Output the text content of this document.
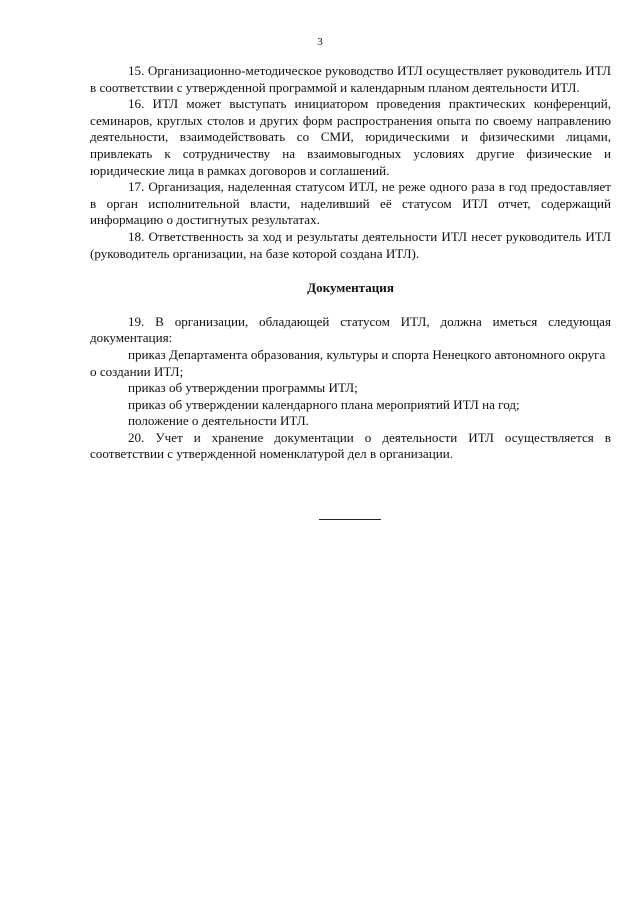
3

15. Организационно-методическое руководство ИТЛ осуществляет руководитель ИТЛ в соответствии с утвержденной программой и календарным планом деятельности ИТЛ.

16. ИТЛ может выступать инициатором проведения практических конференций, семинаров, круглых столов и других форм распространения опыта по своему направлению деятельности, взаимодействовать со СМИ, юридическими и физическими лицами, привлекать к сотрудничеству на взаимовыгодных условиях другие физические и юридические лица в рамках договоров и соглашений.

17. Организация, наделенная статусом ИТЛ, не реже одного раза в год предоставляет в орган исполнительной власти, наделивший её статусом ИТЛ отчет, содержащий информацию о достигнутых результатах.

18. Ответственность за ход и результаты деятельности ИТЛ несет руководитель ИТЛ (руководитель организации, на базе которой создана ИТЛ).

Документация

19. В организации, обладающей статусом ИТЛ, должна иметься следующая документация:

приказ Департамента образования, культуры и спорта Ненецкого автономного округа о создании ИТЛ;

приказ об утверждении программы ИТЛ;

приказ об утверждении календарного плана мероприятий ИТЛ на год;

положение о деятельности ИТЛ.

20. Учет и хранение документации о деятельности ИТЛ осуществляется в соответствии с утвержденной номенклатурой дел в организации.
